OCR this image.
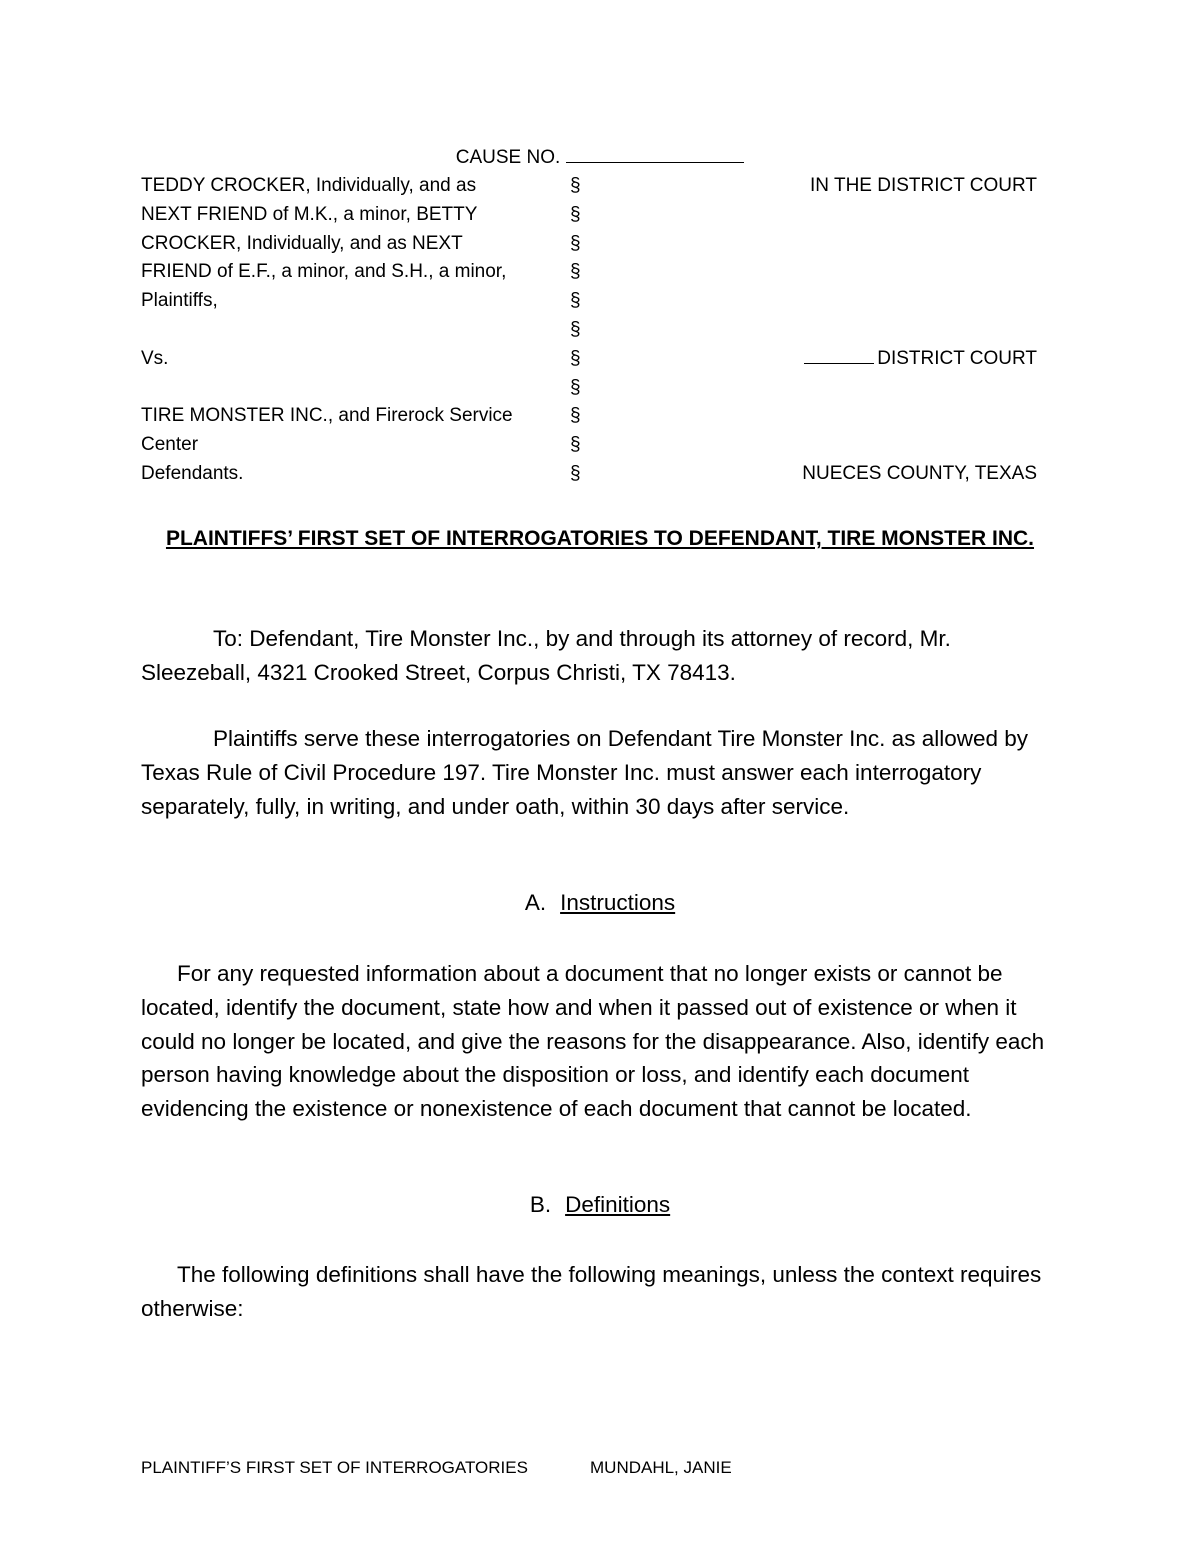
CAUSE NO.
TEDDY CROCKER, Individually, and as
NEXT FRIEND of M.K., a minor, BETTY
CROCKER, Individually, and as NEXT
FRIEND of E.F., a minor, and S.H., a minor,
Plaintiffs,
Vs.
TIRE MONSTER INC., and Firerock Service
Center
Defendants.
§
§
§
§
§
§
§
§
§
§
§
IN THE DISTRICT COURT
DISTRICT COURT
NUECES COUNTY, TEXAS
PLAINTIFFS’ FIRST SET OF INTERROGATORIES TO DEFENDANT, TIRE MONSTER INC.
To: Defendant, Tire Monster Inc., by and through its attorney of record, Mr. Sleezeball, 4321 Crooked Street, Corpus Christi, TX 78413.
Plaintiffs serve these interrogatories on Defendant Tire Monster Inc. as allowed by Texas Rule of Civil Procedure 197. Tire Monster Inc. must answer each interrogatory separately, fully, in writing, and under oath, within 30 days after service.
A. Instructions
For any requested information about a document that no longer exists or cannot be located, identify the document, state how and when it passed out of existence or when it could no longer be located, and give the reasons for the disappearance. Also, identify each person having knowledge about the disposition or loss, and identify each document evidencing the existence or nonexistence of each document that cannot be located.
B. Definitions
The following definitions shall have the following meanings, unless the context requires otherwise:
PLAINTIFF’S FIRST SET OF INTERROGATORIES	MUNDAHL, JANIE
